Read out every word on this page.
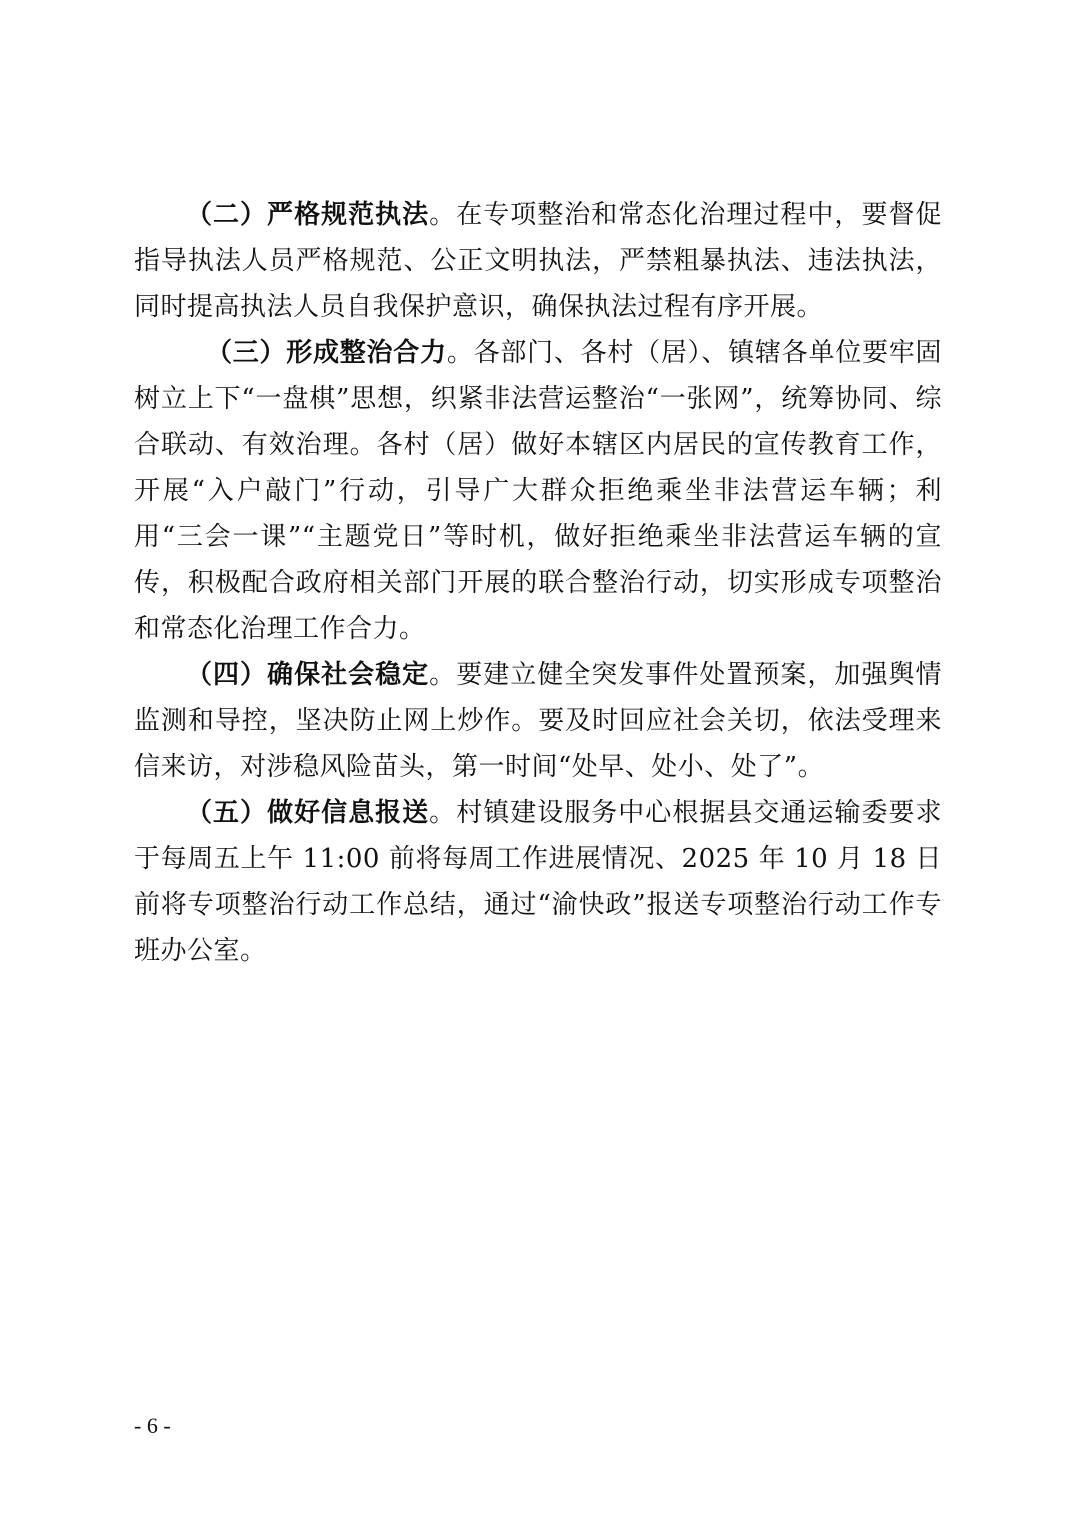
（二）严格规范执法。在专项整治和常态化治理过程中，要督促指导执法人员严格规范、公正文明执法，严禁粗暴执法、违法执法，同时提高执法人员自我保护意识，确保执法过程有序开展。

（三）形成整治合力。各部门、各村（居）、镇辖各单位要牢固树立上下“一盘棋”思想，织紧非法营运整治“一张网”，统筹协同、综合联动、有效治理。各村（居）做好本辖区内居民的宣传教育工作，开展“入户敲门”行动，引导广大群众拒绝乘坐非法营运车辆；利用“三会一课”“主题党日”等时机，做好拒绝乘坐非法营运车辆的宣传，积极配合政府相关部门开展的联合整治行动，切实形成专项整治和常态化治理工作合力。

（四）确保社会稳定。要建立健全突发事件处置预案，加强舆情监测和导控，坚决防止网上炒作。要及时回应社会关切，依法受理来信来访，对涉稳风险苗头，第一时间“处早、处小、处了”。

（五）做好信息报送。村镇建设服务中心根据县交通运输委要求于每周五上午 11:00 前将每周工作进展情况、2025 年 10 月 18 日前将专项整治行动工作总结，通过“渝快政”报送专项整治行动工作专班办公室。

- 6 -
